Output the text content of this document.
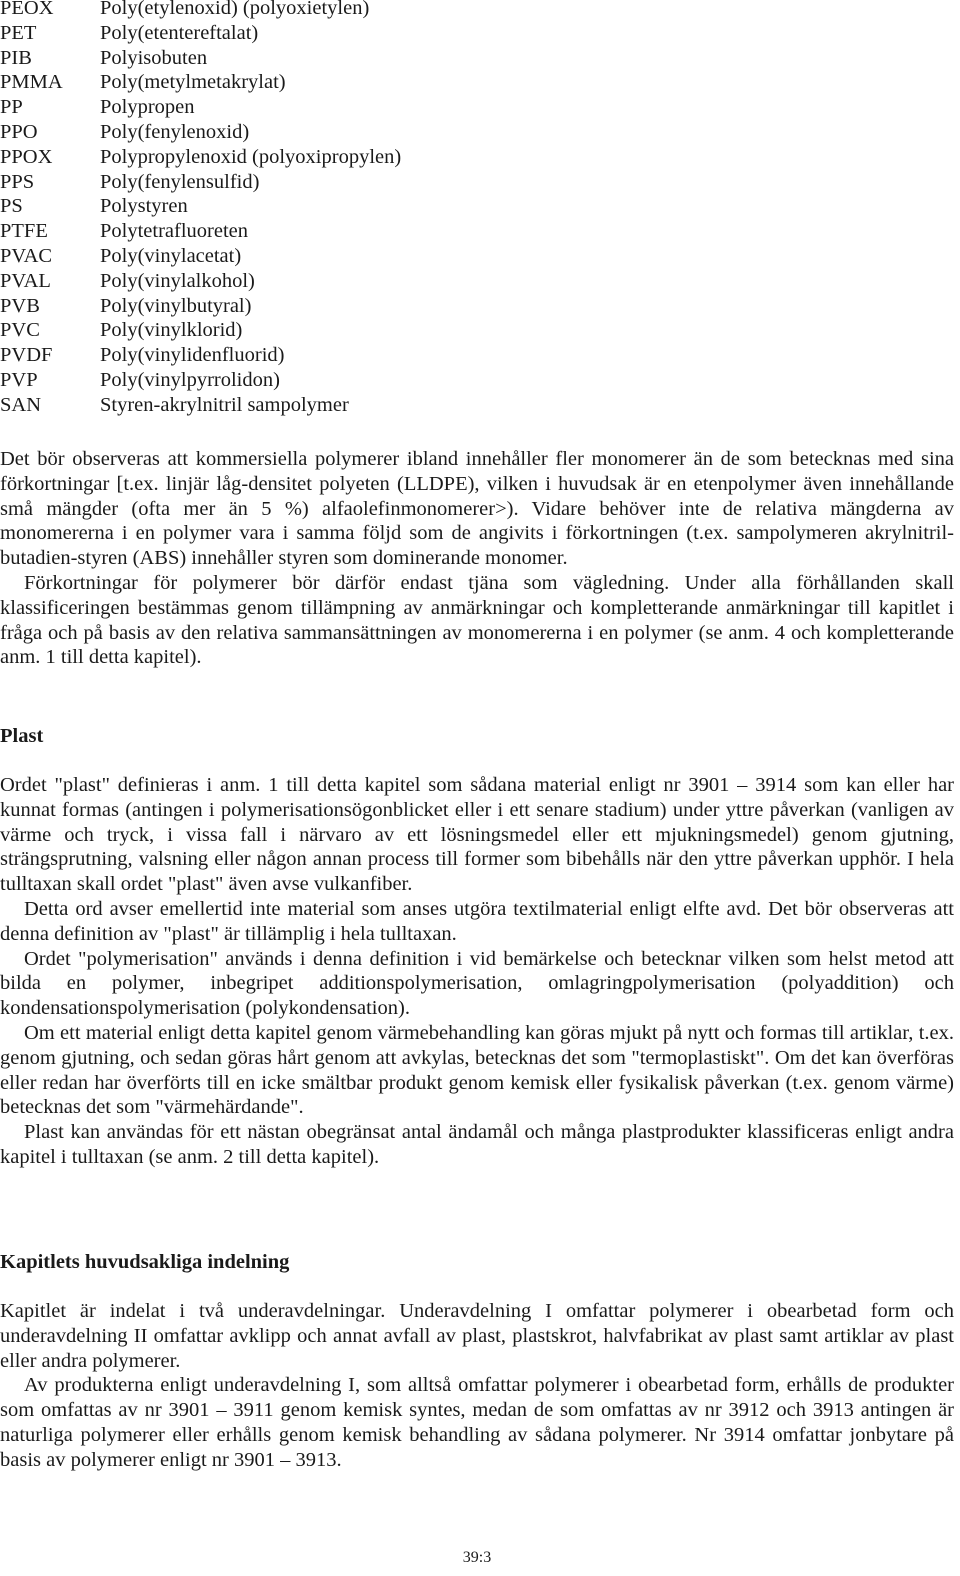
PEOX	Poly(etylenoxid) (polyoxietylen)
PET	Poly(etentereftalat)
PIB	Polyisobuten
PMMA	Poly(metylmetakrylat)
PP	Polypropen
PPO	Poly(fenylenoxid)
PPOX	Polypropylenoxid (polyoxipropylen)
PPS	Poly(fenylensulfid)
PS	Polystyren
PTFE	Polytetrafluoreten
PVAC	Poly(vinylacetat)
PVAL	Poly(vinylalkohol)
PVB	Poly(vinylbutyral)
PVC	Poly(vinylklorid)
PVDF	Poly(vinylidenfluorid)
PVP	Poly(vinylpyrrolidon)
SAN	Styren-akrylnitril sampolymer

Det bör observeras att kommersiella polymerer ibland innehåller fler monomerer än de som betecknas med sina förkortningar [t.ex. linjär låg-densitet polyeten (LLDPE), vilken i huvudsak är en etenpolymer även innehållande små mängder (ofta mer än 5 %) alfaolefinmonomerer>). Vidare behöver inte de relativa mängderna av monomererna i en polymer vara i samma följd som de angivits i förkortningen (t.ex. sampolymeren akrylnitril-butadien-styren (ABS) innehåller styren som dominerande monomer.

Förkortningar för polymerer bör därför endast tjäna som vägledning. Under alla förhållanden skall klassificeringen bestämmas genom tillämpning av anmärkningar och kompletterande anmärkningar till kapitlet i fråga och på basis av den relativa sammansättningen av monomererna i en polymer (se anm. 4 och kompletterande anm. 1 till detta kapitel).

Plast

Ordet "plast" definieras i anm. 1 till detta kapitel som sådana material enligt nr 3901 – 3914 som kan eller har kunnat formas (antingen i polymerisationsögonblicket eller i ett senare stadium) under yttre påverkan (vanligen av värme och tryck, i vissa fall i närvaro av ett lösningsmedel eller ett mjukningsmedel) genom gjutning, strängsprutning, valsning eller någon annan process till former som bibehålls när den yttre påverkan upphör. I hela tulltaxan skall ordet "plast" även avse vulkanfiber.

Detta ord avser emellertid inte material som anses utgöra textilmaterial enligt elfte avd. Det bör observeras att denna definition av "plast" är tillämplig i hela tulltaxan.

Ordet "polymerisation" används i denna definition i vid bemärkelse och betecknar vilken som helst metod att bilda en polymer, inbegripet additionspolymerisation, omlagringpolymerisation (polyaddition) och kondensationspolymerisation (polykondensation).

Om ett material enligt detta kapitel genom värmebehandling kan göras mjukt på nytt och formas till artiklar, t.ex. genom gjutning, och sedan göras hårt genom att avkylas, betecknas det som "termoplastiskt". Om det kan överföras eller redan har överförts till en icke smältbar produkt genom kemisk eller fysikalisk påverkan (t.ex. genom värme) betecknas det som "värmehärdande".

Plast kan användas för ett nästan obegränsat antal ändamål och många plastprodukter klassificeras enligt andra kapitel i tulltaxan (se anm. 2 till detta kapitel).

Kapitlets huvudsakliga indelning

Kapitlet är indelat i två underavdelningar. Underavdelning I omfattar polymerer i obearbetad form och underavdelning II omfattar avklipp och annat avfall av plast, plastskrot, halvfabrikat av plast samt artiklar av plast eller andra polymerer.

Av produkterna enligt underavdelning I, som alltså omfattar polymerer i obearbetad form, erhålls de produkter som omfattas av nr 3901 – 3911 genom kemisk syntes, medan de som omfattas av nr 3912 och 3913 antingen är naturliga polymerer eller erhålls genom kemisk behandling av sådana polymerer. Nr 3914 omfattar jonbytare på basis av polymerer enligt nr 3901 – 3913.

39:3
